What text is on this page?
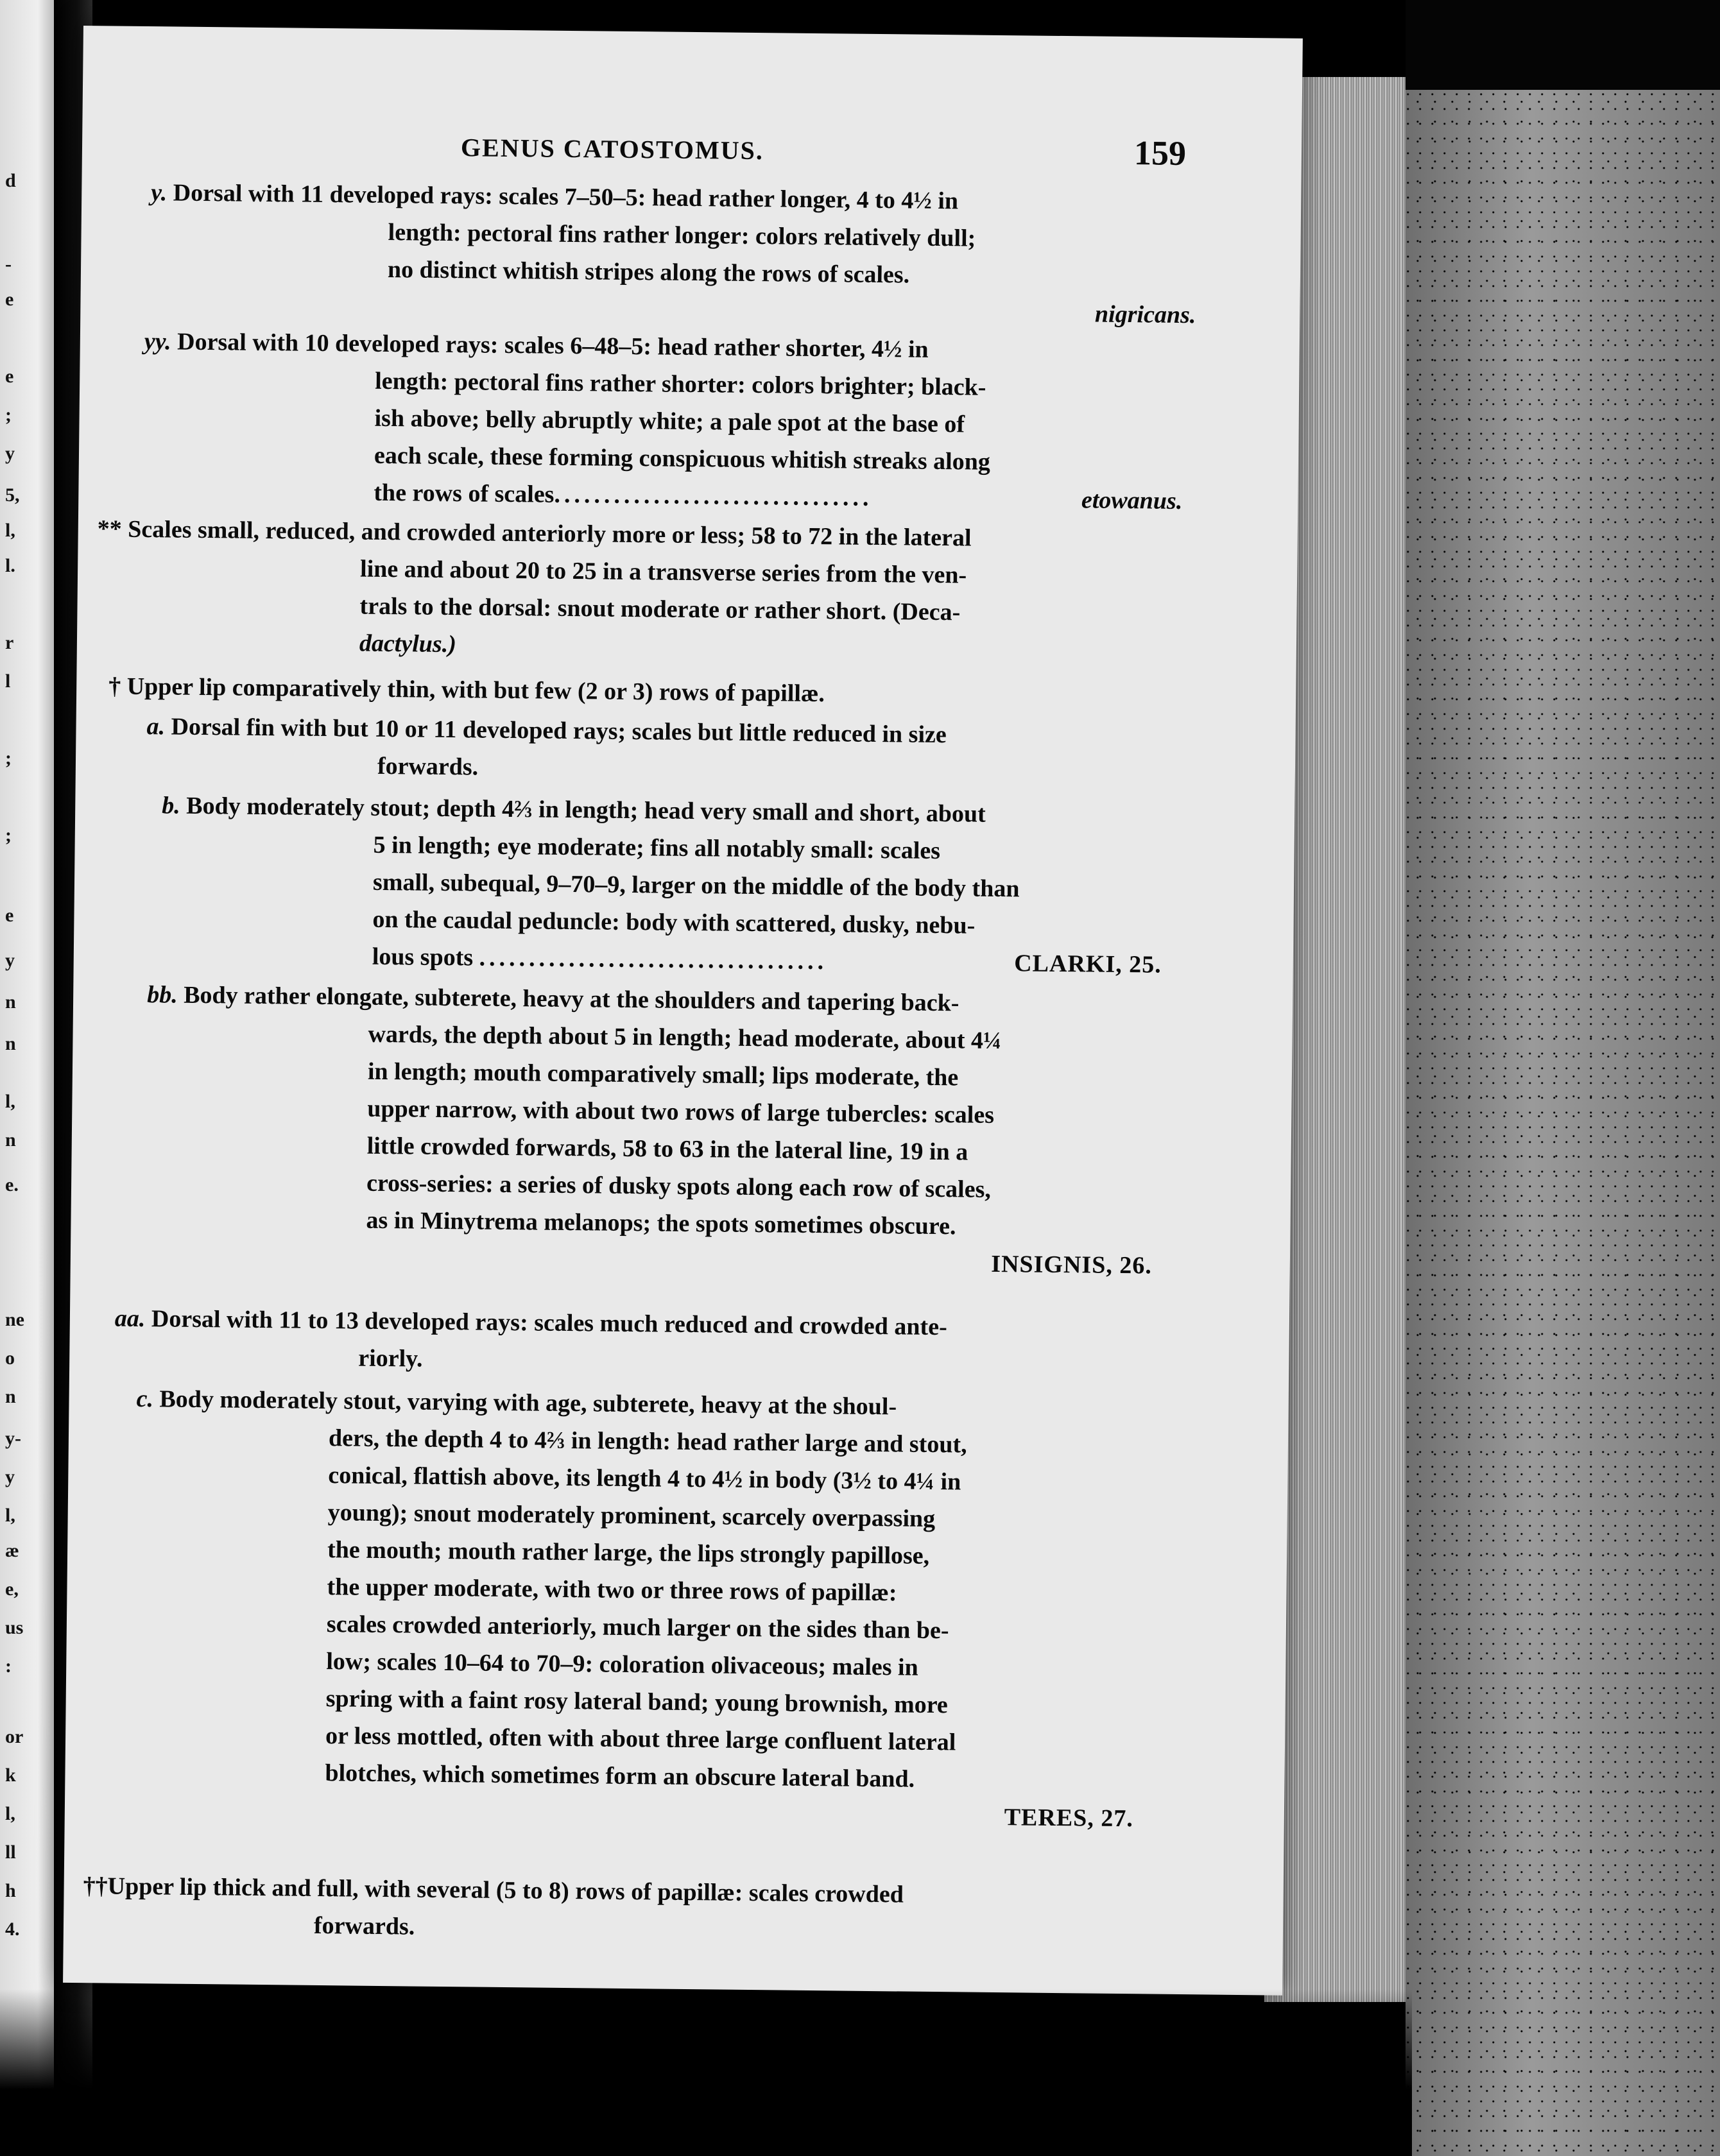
d
-
e
e
;
y
5,
l,
l.
r
l
;
;
e
y
n
n
l,
n
e.
ne
o
n
y-
y
l,
æ
e,
us
:
or
k
l,
ll
h
4.
GENUS CATOSTOMUS.	159
y. Dorsal with 11 developed rays: scales 7–50–5: head rather longer, 4 to 4½ in
length: pectoral fins rather longer: colors relatively dull;
no distinct whitish stripes along the rows of scales.
nigricans.
yy. Dorsal with 10 developed rays: scales 6–48–5: head rather shorter, 4½ in
length: pectoral fins rather shorter: colors brighter; black-
ish above; belly abruptly white; a pale spot at the base of
each scale, these forming conspicuous whitish streaks along
the rows of scales................................	etowanus.
** Scales small, reduced, and crowded anteriorly more or less; 58 to 72 in the lateral
line and about 20 to 25 in a transverse series from the ven-
trals to the dorsal: snout moderate or rather short. (Deca-
dactylus.)
† Upper lip comparatively thin, with but few (2 or 3) rows of papillæ.
a. Dorsal fin with but 10 or 11 developed rays; scales but little reduced in size
forwards.
b. Body moderately stout; depth 4⅔ in length; head very small and short, about
5 in length; eye moderate; fins all notably small: scales
small, subequal, 9–70–9, larger on the middle of the body than
on the caudal peduncle: body with scattered, dusky, nebu-
lous spots ...................................	CLARKI, 25.
bb. Body rather elongate, subterete, heavy at the shoulders and tapering back-
wards, the depth about 5 in length; head moderate, about 4¼
in length; mouth comparatively small; lips moderate, the
upper narrow, with about two rows of large tubercles: scales
little crowded forwards, 58 to 63 in the lateral line, 19 in a
cross-series: a series of dusky spots along each row of scales,
as in Minytrema melanops; the spots sometimes obscure.
INSIGNIS, 26.
aa. Dorsal with 11 to 13 developed rays: scales much reduced and crowded ante-
riorly.
c. Body moderately stout, varying with age, subterete, heavy at the shoul-
ders, the depth 4 to 4⅔ in length: head rather large and stout,
conical, flattish above, its length 4 to 4½ in body (3½ to 4¼ in
young); snout moderately prominent, scarcely overpassing
the mouth; mouth rather large, the lips strongly papillose,
the upper moderate, with two or three rows of papillæ:
scales crowded anteriorly, much larger on the sides than be-
low; scales 10–64 to 70–9: coloration olivaceous; males in
spring with a faint rosy lateral band; young brownish, more
or less mottled, often with about three large confluent lateral
blotches, which sometimes form an obscure lateral band.
TERES, 27.
††Upper lip thick and full, with several (5 to 8) rows of papillæ: scales crowded
forwards.
